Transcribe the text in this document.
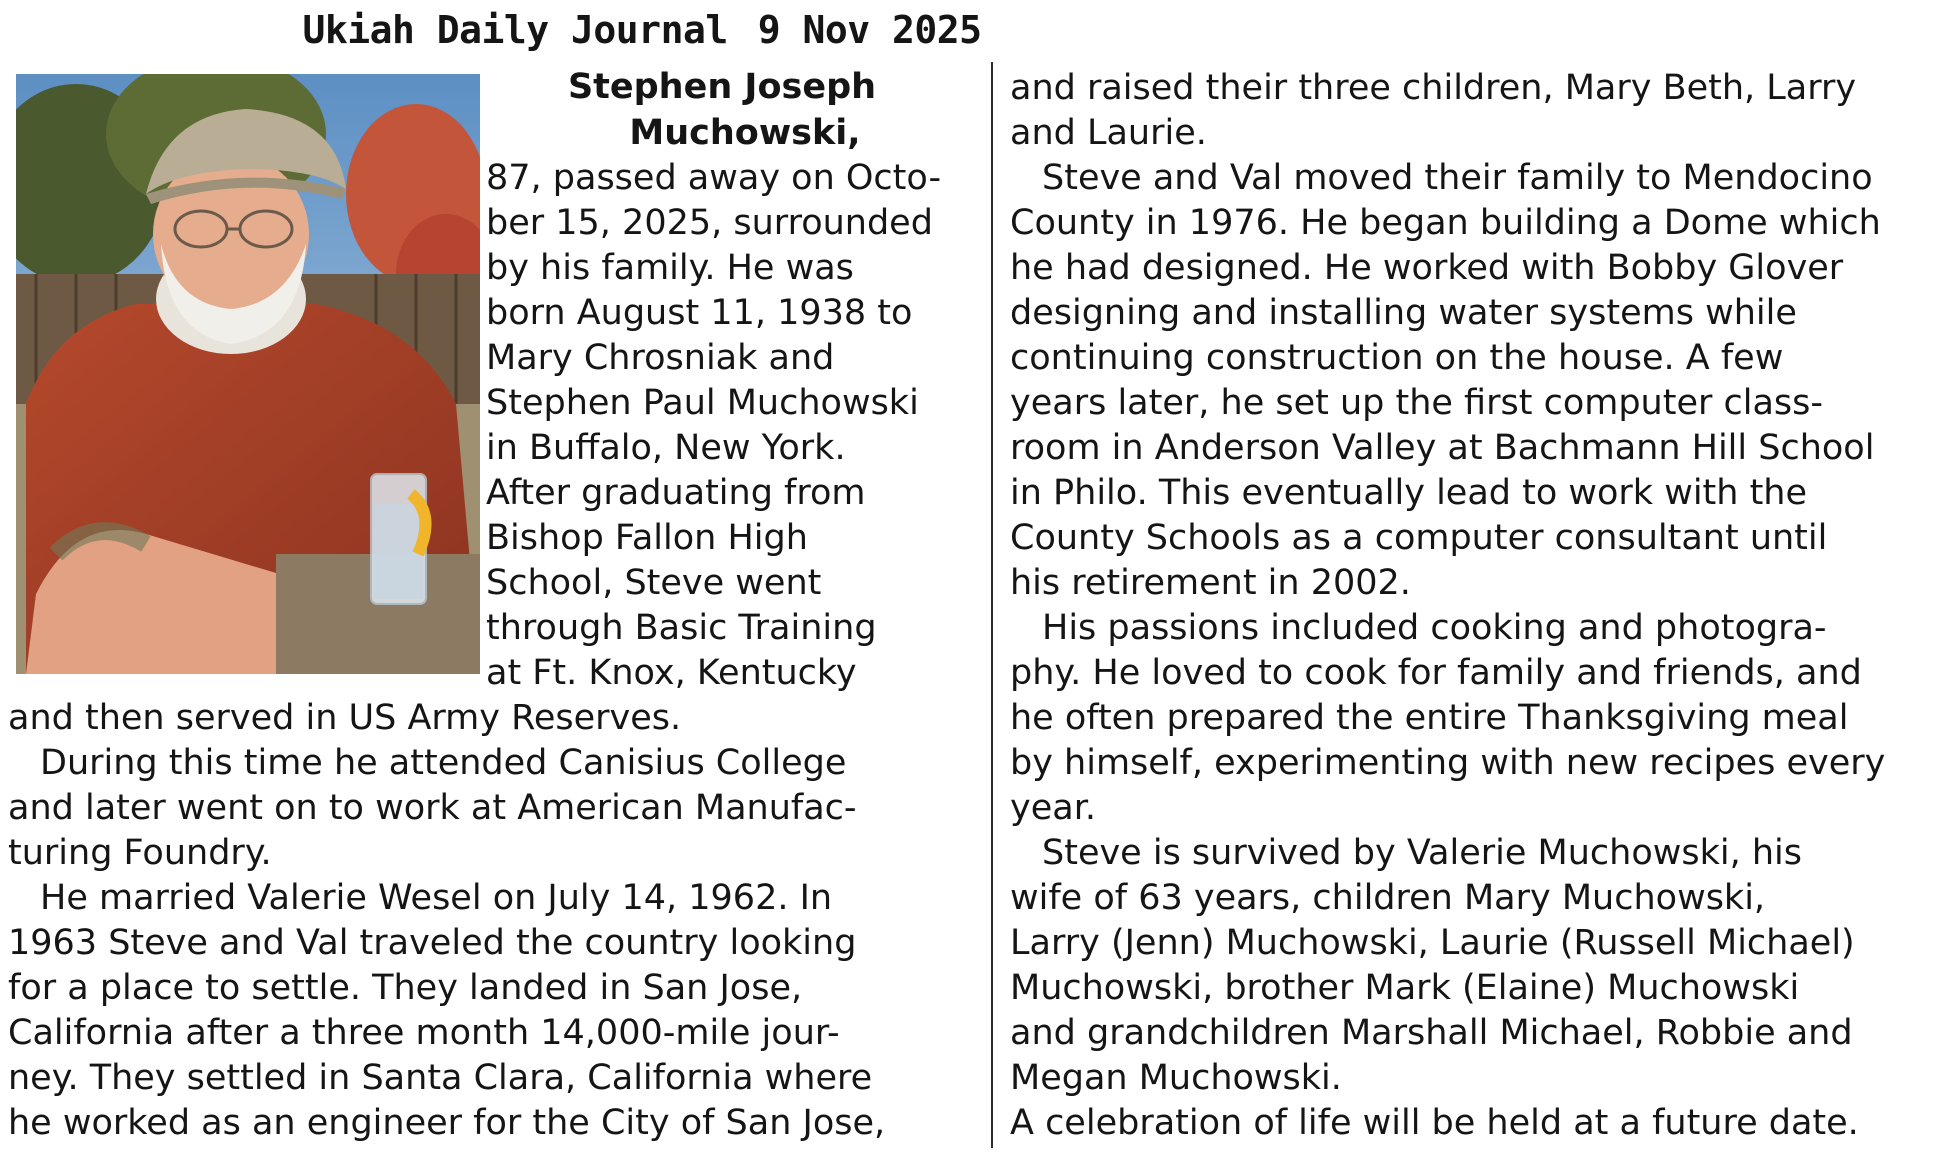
Ukiah Daily Journal 9 Nov 2025
Stephen Joseph
Muchowski,
87, passed away on Octo-
ber 15, 2025, surrounded
by his family. He was
born August 11, 1938 to
Mary Chrosniak and
Stephen Paul Muchowski
in Buffalo, New York.
After graduating from
Bishop Fallon High
School, Steve went
through Basic Training
at Ft. Knox, Kentucky
and then served in US Army Reserves.
During this time he attended Canisius College
and later went on to work at American Manufac-
turing Foundry.
He married Valerie Wesel on July 14, 1962. In
1963 Steve and Val traveled the country looking
for a place to settle. They landed in San Jose,
California after a three month 14,000-mile jour-
ney. They settled in Santa Clara, California where
he worked as an engineer for the City of San Jose,
and raised their three children, Mary Beth, Larry
and Laurie.
Steve and Val moved their family to Mendocino
County in 1976. He began building a Dome which
he had designed. He worked with Bobby Glover
designing and installing water systems while
continuing construction on the house. A few
years later, he set up the first computer class-
room in Anderson Valley at Bachmann Hill School
in Philo. This eventually lead to work with the
County Schools as a computer consultant until
his retirement in 2002.
His passions included cooking and photogra-
phy. He loved to cook for family and friends, and
he often prepared the entire Thanksgiving meal
by himself, experimenting with new recipes every
year.
Steve is survived by Valerie Muchowski, his
wife of 63 years, children Mary Muchowski,
Larry (Jenn) Muchowski, Laurie (Russell Michael)
Muchowski, brother Mark (Elaine) Muchowski
and grandchildren Marshall Michael, Robbie and
Megan Muchowski.
A celebration of life will be held at a future date.
